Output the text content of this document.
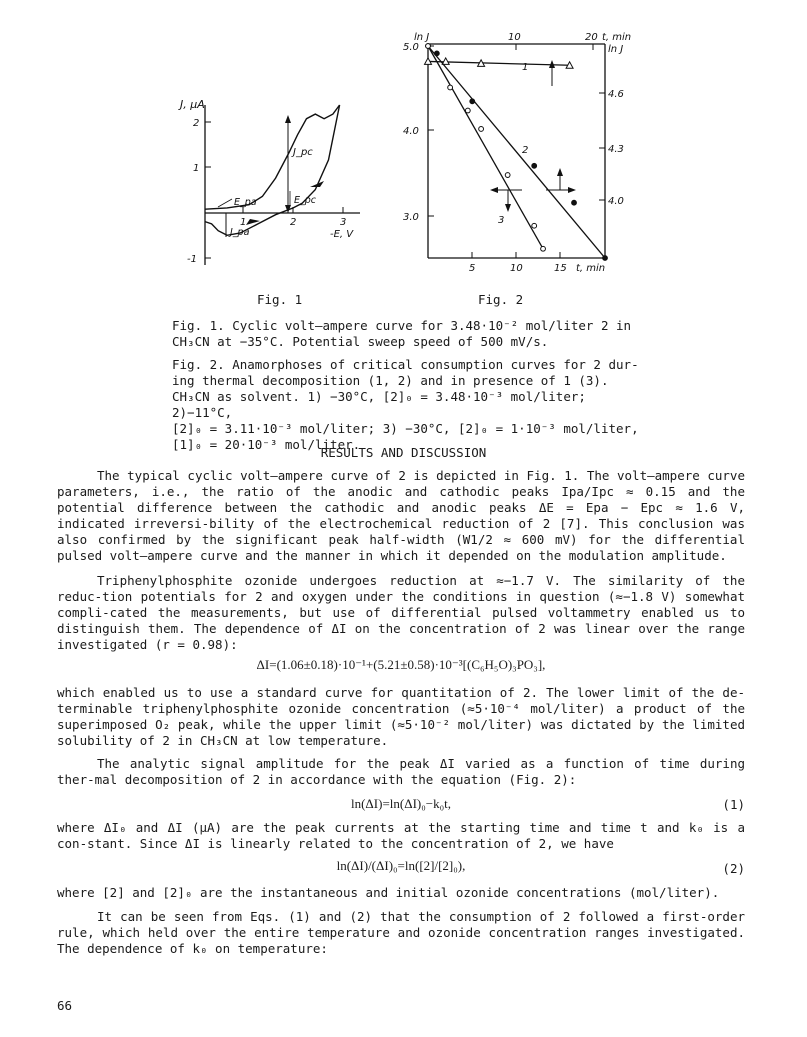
J, μA
2
1
-1
1	2	3
-E, V
J_pc
E_pa	E_pc
J_pa
ln J	10	20 t, min
5.0
4.0
3.0
ln J
4.6
4.3
4.0
5	10	15 t, min
1
2
3
Fig. 1	Fig. 2

Fig. 1. Cyclic volt—ampere curve for 3.48·10⁻² mol/liter 2 in
CH₃CN at −35°C. Potential sweep speed of 500 mV/s.

Fig. 2. Anamorphoses of critical consumption curves for 2 dur-
ing thermal decomposition (1, 2) and in presence of 1 (3).
CH₃CN as solvent. 1) −30°C, [2]₀ = 3.48·10⁻³ mol/liter; 2)−11°C,
[2]₀ = 3.11·10⁻³ mol/liter; 3) −30°C, [2]₀ = 1·10⁻³ mol/liter,
[1]₀ = 20·10⁻³ mol/liter.

RESULTS AND DISCUSSION

The typical cyclic volt—ampere curve of 2 is depicted in Fig. 1. The volt—ampere curve parameters, i.e., the ratio of the anodic and cathodic peaks Ipa/Ipc ≈ 0.15 and the potential difference between the cathodic and anodic peaks ΔE = Epa − Epc ≈ 1.6 V, indicated irreversi-bility of the electrochemical reduction of 2 [7]. This conclusion was also confirmed by the significant peak half-width (W1/2 ≈ 600 mV) for the differential pulsed volt—ampere curve and the manner in which it depended on the modulation amplitude.

Triphenylphosphite ozonide undergoes reduction at ≈−1.7 V. The similarity of the reduc-tion potentials for 2 and oxygen under the conditions in question (≈−1.8 V) somewhat compli-cated the measurements, but use of differential pulsed voltammetry enabled us to distinguish them. The dependence of ΔI on the concentration of 2 was linear over the range investigated (r = 0.98):

ΔI=(1.06±0.18)·10⁻¹+(5.21±0.58)·10⁻³[(C₆H₅O)₃PO₃],

which enabled us to use a standard curve for quantitation of 2. The lower limit of the de-terminable triphenylphosphite ozonide concentration (≈5·10⁻⁴ mol/liter) a product of the superimposed O₂ peak, while the upper limit (≈5·10⁻² mol/liter) was dictated by the limited solubility of 2 in CH₃CN at low temperature.

The analytic signal amplitude for the peak ΔI varied as a function of time during ther-mal decomposition of 2 in accordance with the equation (Fig. 2):

ln(ΔI)=ln(ΔI)₀−k₀t,	(1)

where ΔI₀ and ΔI (μA) are the peak currents at the starting time and time t and k₀ is a con-stant. Since ΔI is linearly related to the concentration of 2, we have

ln(ΔI)/(ΔI)₀=ln([2]/[2]₀),	(2)

where [2] and [2]₀ are the instantaneous and initial ozonide concentrations (mol/liter).

It can be seen from Eqs. (1) and (2) that the consumption of 2 followed a first-order rule, which held over the entire temperature and ozonide concentration ranges investigated. The dependence of k₀ on temperature:

66
